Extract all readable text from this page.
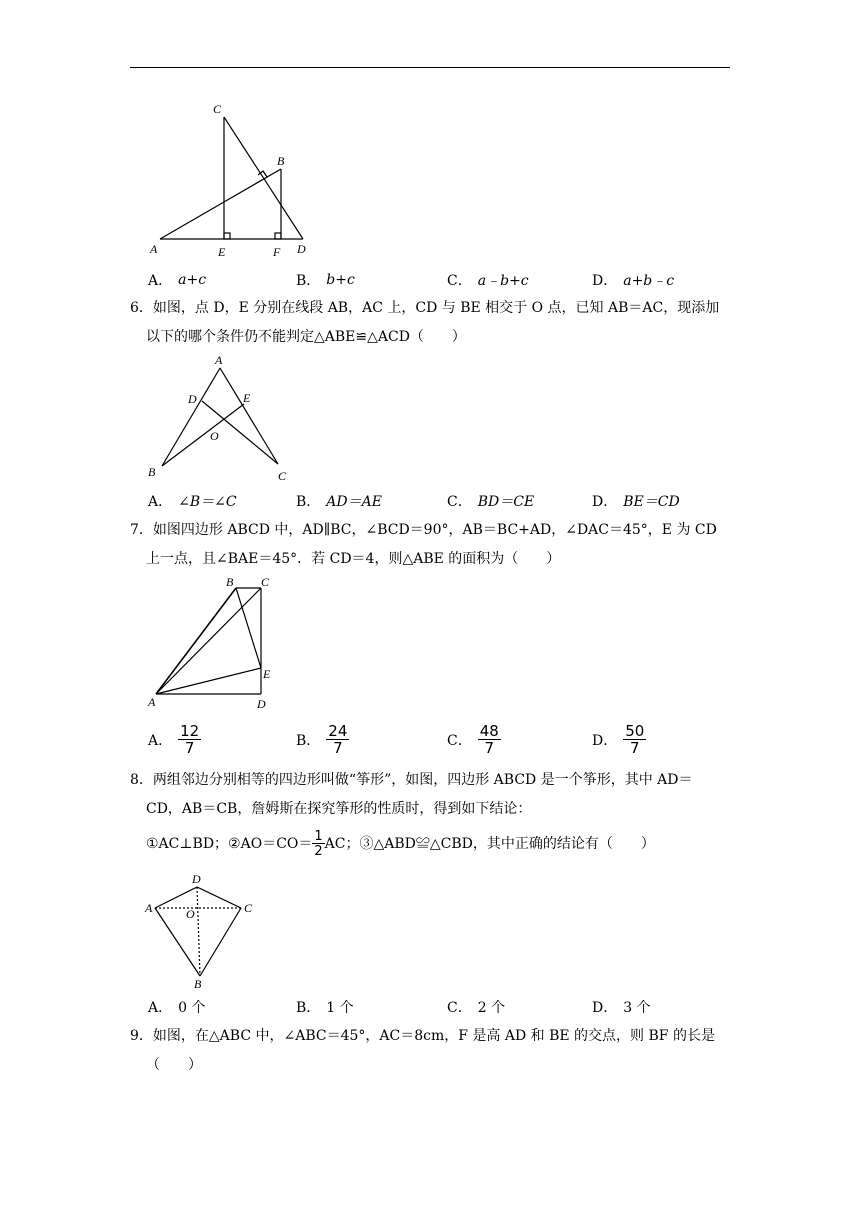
C
B
A	E	F D
A． a+c	B． b+c	C． a﹣b+c	D． a+b﹣c
6．如图，点 D，E 分别在线段 AB，AC 上，CD 与 BE 相交于 O 点，已知 AB＝AC，现添加
以下的哪个条件仍不能判定△ABE≌△ACD（　　）
A
D	E
O
B	C
A． ∠B＝∠C	B． AD＝AE	C． BD＝CE	D． BE＝CD
7．如图四边形 ABCD 中，AD∥BC，∠BCD＝90°，AB＝BC+AD，∠DAC＝45°，E 为 CD
上一点，且∠BAE＝45°．若 CD＝4，则△ABE 的面积为（　　）
B C
E
A	D
A． $\frac{12}{7}$	B． $\frac{24}{7}$	C． $\frac{48}{7}$	D． $\frac{50}{7}$
8．两组邻边分别相等的四边形叫做“筝形”，如图，四边形 ABCD 是一个筝形，其中 AD＝
CD，AB＝CB，詹姆斯在探究筝形的性质时，得到如下结论：
①AC⊥BD；②AO＝CO＝ $\frac{1}{2}$ AC；③△ABD≌△CBD，其中正确的结论有（　　）
D
A	O	C
B
A． 0 个	B． 1 个	C． 2 个	D． 3 个
9．如图，在△ABC 中，∠ABC＝45°，AC＝8cm，F 是高 AD 和 BE 的交点，则 BF 的长是
（　　）
